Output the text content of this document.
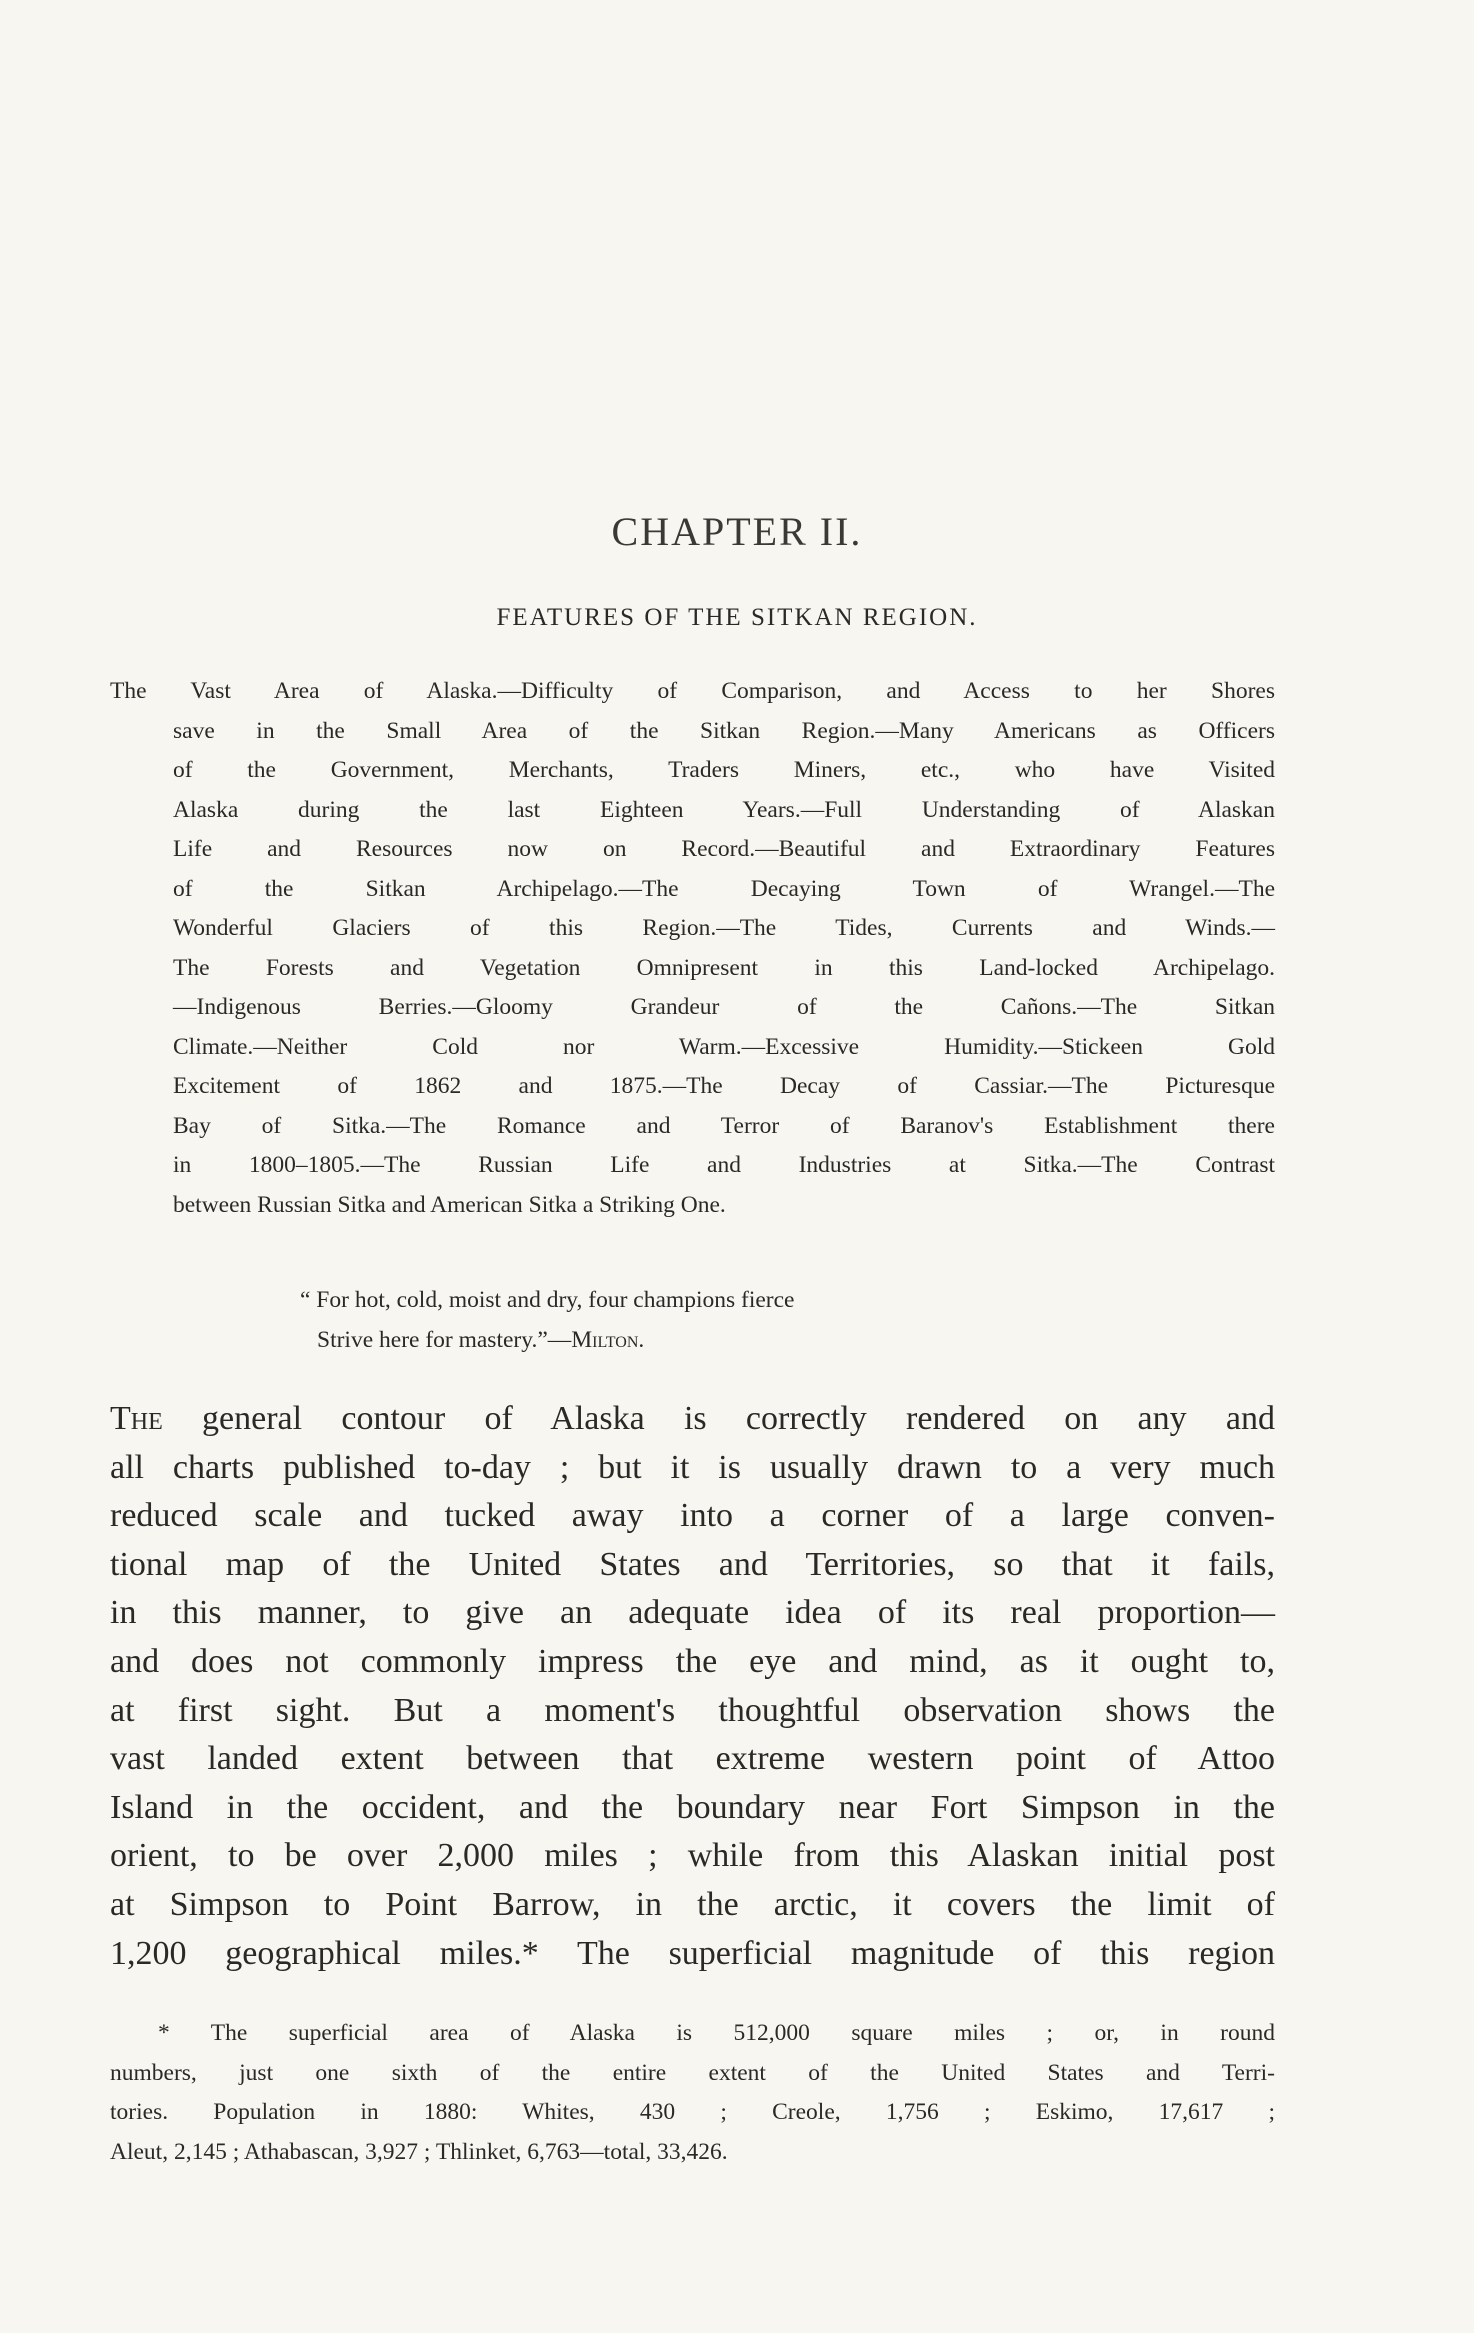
CHAPTER II.
FEATURES OF THE SITKAN REGION.
The Vast Area of Alaska.—Difficulty of Comparison, and Access to her Shores
save in the Small Area of the Sitkan Region.—Many Americans as Officers
of the Government, Merchants, Traders Miners, etc., who have Visited
Alaska during the last Eighteen Years.—Full Understanding of Alaskan
Life and Resources now on Record.—Beautiful and Extraordinary Features
of the Sitkan Archipelago.—The Decaying Town of Wrangel.—The
Wonderful Glaciers of this Region.—The Tides, Currents and Winds.—
The Forests and Vegetation Omnipresent in this Land-locked Archipelago.
—Indigenous Berries.—Gloomy Grandeur of the Cañons.—The Sitkan
Climate.—Neither Cold nor Warm.—Excessive Humidity.—Stickeen Gold
Excitement of 1862 and 1875.—The Decay of Cassiar.—The Picturesque
Bay of Sitka.—The Romance and Terror of Baranov's Establishment there
in 1800–1805.—The Russian Life and Industries at Sitka.—The Contrast
between Russian Sitka and American Sitka a Striking One.
“ For hot, cold, moist and dry, four champions fierce
Strive here for mastery.”—Milton.
The general contour of Alaska is correctly rendered on any and
all charts published to-day ; but it is usually drawn to a very much
reduced scale and tucked away into a corner of a large conven-
tional map of the United States and Territories, so that it fails,
in this manner, to give an adequate idea of its real proportion—
and does not commonly impress the eye and mind, as it ought to,
at first sight. But a moment's thoughtful observation shows the
vast landed extent between that extreme western point of Attoo
Island in the occident, and the boundary near Fort Simpson in the
orient, to be over 2,000 miles ; while from this Alaskan initial post
at Simpson to Point Barrow, in the arctic, it covers the limit of
1,200 geographical miles.* The superficial magnitude of this region
* The superficial area of Alaska is 512,000 square miles ; or, in round
numbers, just one sixth of the entire extent of the United States and Terri-
tories. Population in 1880: Whites, 430 ; Creole, 1,756 ; Eskimo, 17,617 ;
Aleut, 2,145 ; Athabascan, 3,927 ; Thlinket, 6,763—total, 33,426.
